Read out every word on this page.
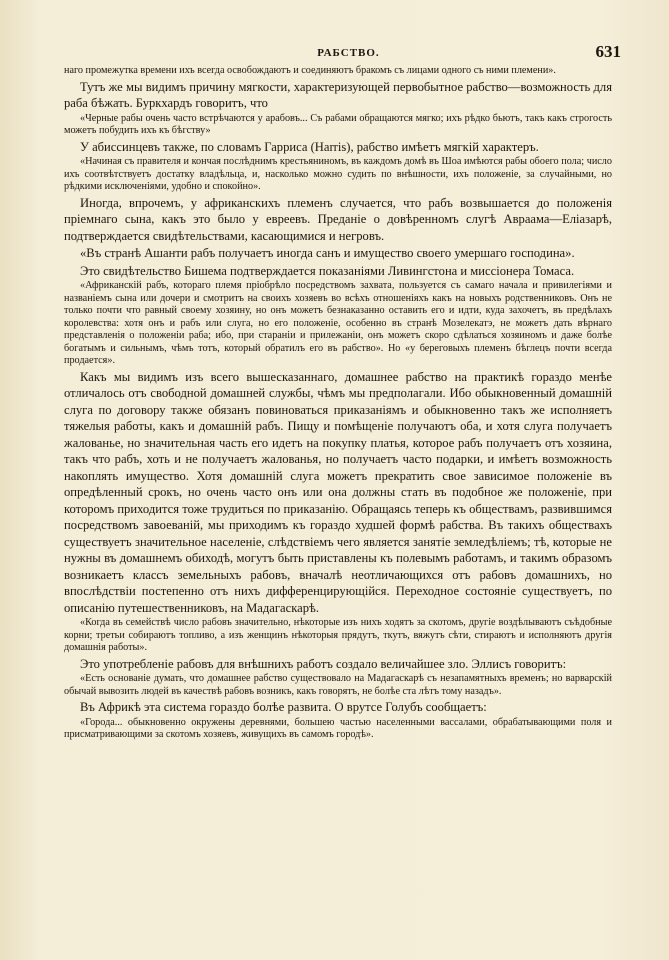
РАБСТВО.	631

наго промежутка времени ихъ всегда освобождаютъ и соединяютъ бракомъ съ лицами одного съ ними племени».

Тутъ же мы видимъ причину мягкости, характеризующей первобытное рабство—возможность для раба бѣжать. Буркхардъ говоритъ, что

«Черные рабы очень часто встрѣчаются у арабовъ... Съ рабами обращаются мягко; ихъ рѣдко бьютъ, такъ какъ строгость можетъ побудить ихъ къ бѣгству»

У абиссинцевъ также, по словамъ Гарриса (Harris), рабство имѣетъ мягкій характеръ.

«Начиная съ правителя и кончая послѣднимъ крестьяниномъ, въ каждомъ домѣ въ Шоа имѣются рабы обоего пола; число ихъ соотвѣтствуетъ достатку владѣльца, и, насколько можно судить по внѣшности, ихъ положеніе, за случайными, но рѣдкими исключеніями, удобно и спокойно».

Иногда, впрочемъ, у африканскихъ племенъ случается, что рабъ возвышается до положенія пріемнаго сына, какъ это было у евреевъ. Преданіе о довѣренномъ слугѣ Авраама—Еліазарѣ, подтверждается свидѣтельствами, касающимися и негровъ.

«Въ странѣ Ашанти рабъ получаетъ иногда санъ и имущество своего умершаго господина».

Это свидѣтельство Бишема подтверждается показаніями Ливингстона и миссіонера Томаса.

«Африканскій рабъ, котораго племя пріобрѣло посредствомъ захвата, пользуется съ самаго начала и привилегіями и названіемъ сына или дочери и смотритъ на своихъ хозяевъ во всѣхъ отношеніяхъ какъ на новыхъ родственниковъ. Онъ не только почти что равный своему хозяину, но онъ можетъ безнаказанно оставить его и идти, куда захочетъ, въ предѣлахъ королевства: хотя онъ и рабъ или слуга, но его положеніе, особенно въ странѣ Мозелекатэ, не можетъ дать вѣрнаго представленія о положеніи раба; ибо, при стараніи и прилежаніи, онъ можетъ скоро сдѣлаться хозяиномъ и даже болѣе богатымъ и сильнымъ, чѣмъ тотъ, который обратилъ его въ рабство». Но «у береговыхъ племенъ бѣглецъ почти всегда продается».

Какъ мы видимъ изъ всего вышесказаннаго, домашнее рабство на практикѣ гораздо менѣе отличалось отъ свободной домашней службы, чѣмъ мы предполагали. Ибо обыкновенный домашній слуга по договору также обязанъ повиноваться приказаніямъ и обыкновенно такъ же исполняетъ тяжелыя работы, какъ и домашній рабъ. Пищу и помѣщеніе получаютъ оба, и хотя слуга получаетъ жалованье, но значительная часть его идетъ на покупку платья, которое рабъ получаетъ отъ хозяина, такъ что рабъ, хоть и не получаетъ жалованья, но получаетъ часто подарки, и имѣетъ возможность накоплять имущество. Хотя домашній слуга можетъ прекратить свое зависимое положеніе въ опредѣленный срокъ, но очень часто онъ или она должны стать въ подобное же положеніе, при которомъ приходится тоже трудиться по приказанію. Обращаясь теперь къ обществамъ, развившимся посредствомъ завоеваній, мы приходимъ къ гораздо худшей формѣ рабства. Въ такихъ обществахъ существуетъ значительное населеніе, слѣдствіемъ чего является занятіе земледѣліемъ; тѣ, которые не нужны въ домашнемъ обиходѣ, могутъ быть приставлены къ полевымъ работамъ, и такимъ образомъ возникаетъ классъ земельныхъ рабовъ, вначалѣ неотличающихся отъ рабовъ домашнихъ, но впослѣдствіи постепенно отъ нихъ дифференцирующійся. Переходное состояніе существуетъ, по описанію путешественниковъ, на Мадагаскарѣ.

«Когда въ семействѣ число рабовъ значительно, нѣкоторые изъ нихъ ходятъ за скотомъ, другіе воздѣлываютъ съѣдобные корни; третьи собираютъ топливо, а изъ женщинъ нѣкоторыя прядутъ, ткутъ, вяжутъ сѣти, стираютъ и исполняютъ другія домашнія работы».

Это употребленіе рабовъ для внѣшнихъ работъ создало величайшее зло. Эллисъ говоритъ:

«Есть основаніе думать, что домашнее рабство существовало на Мадагаскарѣ съ незапамятныхъ временъ; но варварскій обычай вывозить людей въ качествѣ рабовъ возникъ, какъ говорятъ, не болѣе ста лѣтъ тому назадъ».

Въ Африкѣ эта система гораздо болѣе развита. О врутсе Голубъ сообщаетъ:

«Города... обыкновенно окружены деревнями, большею частью населенными вассалами, обрабатывающими поля и присматривающими за скотомъ хозяевъ, живущихъ въ самомъ городѣ».
